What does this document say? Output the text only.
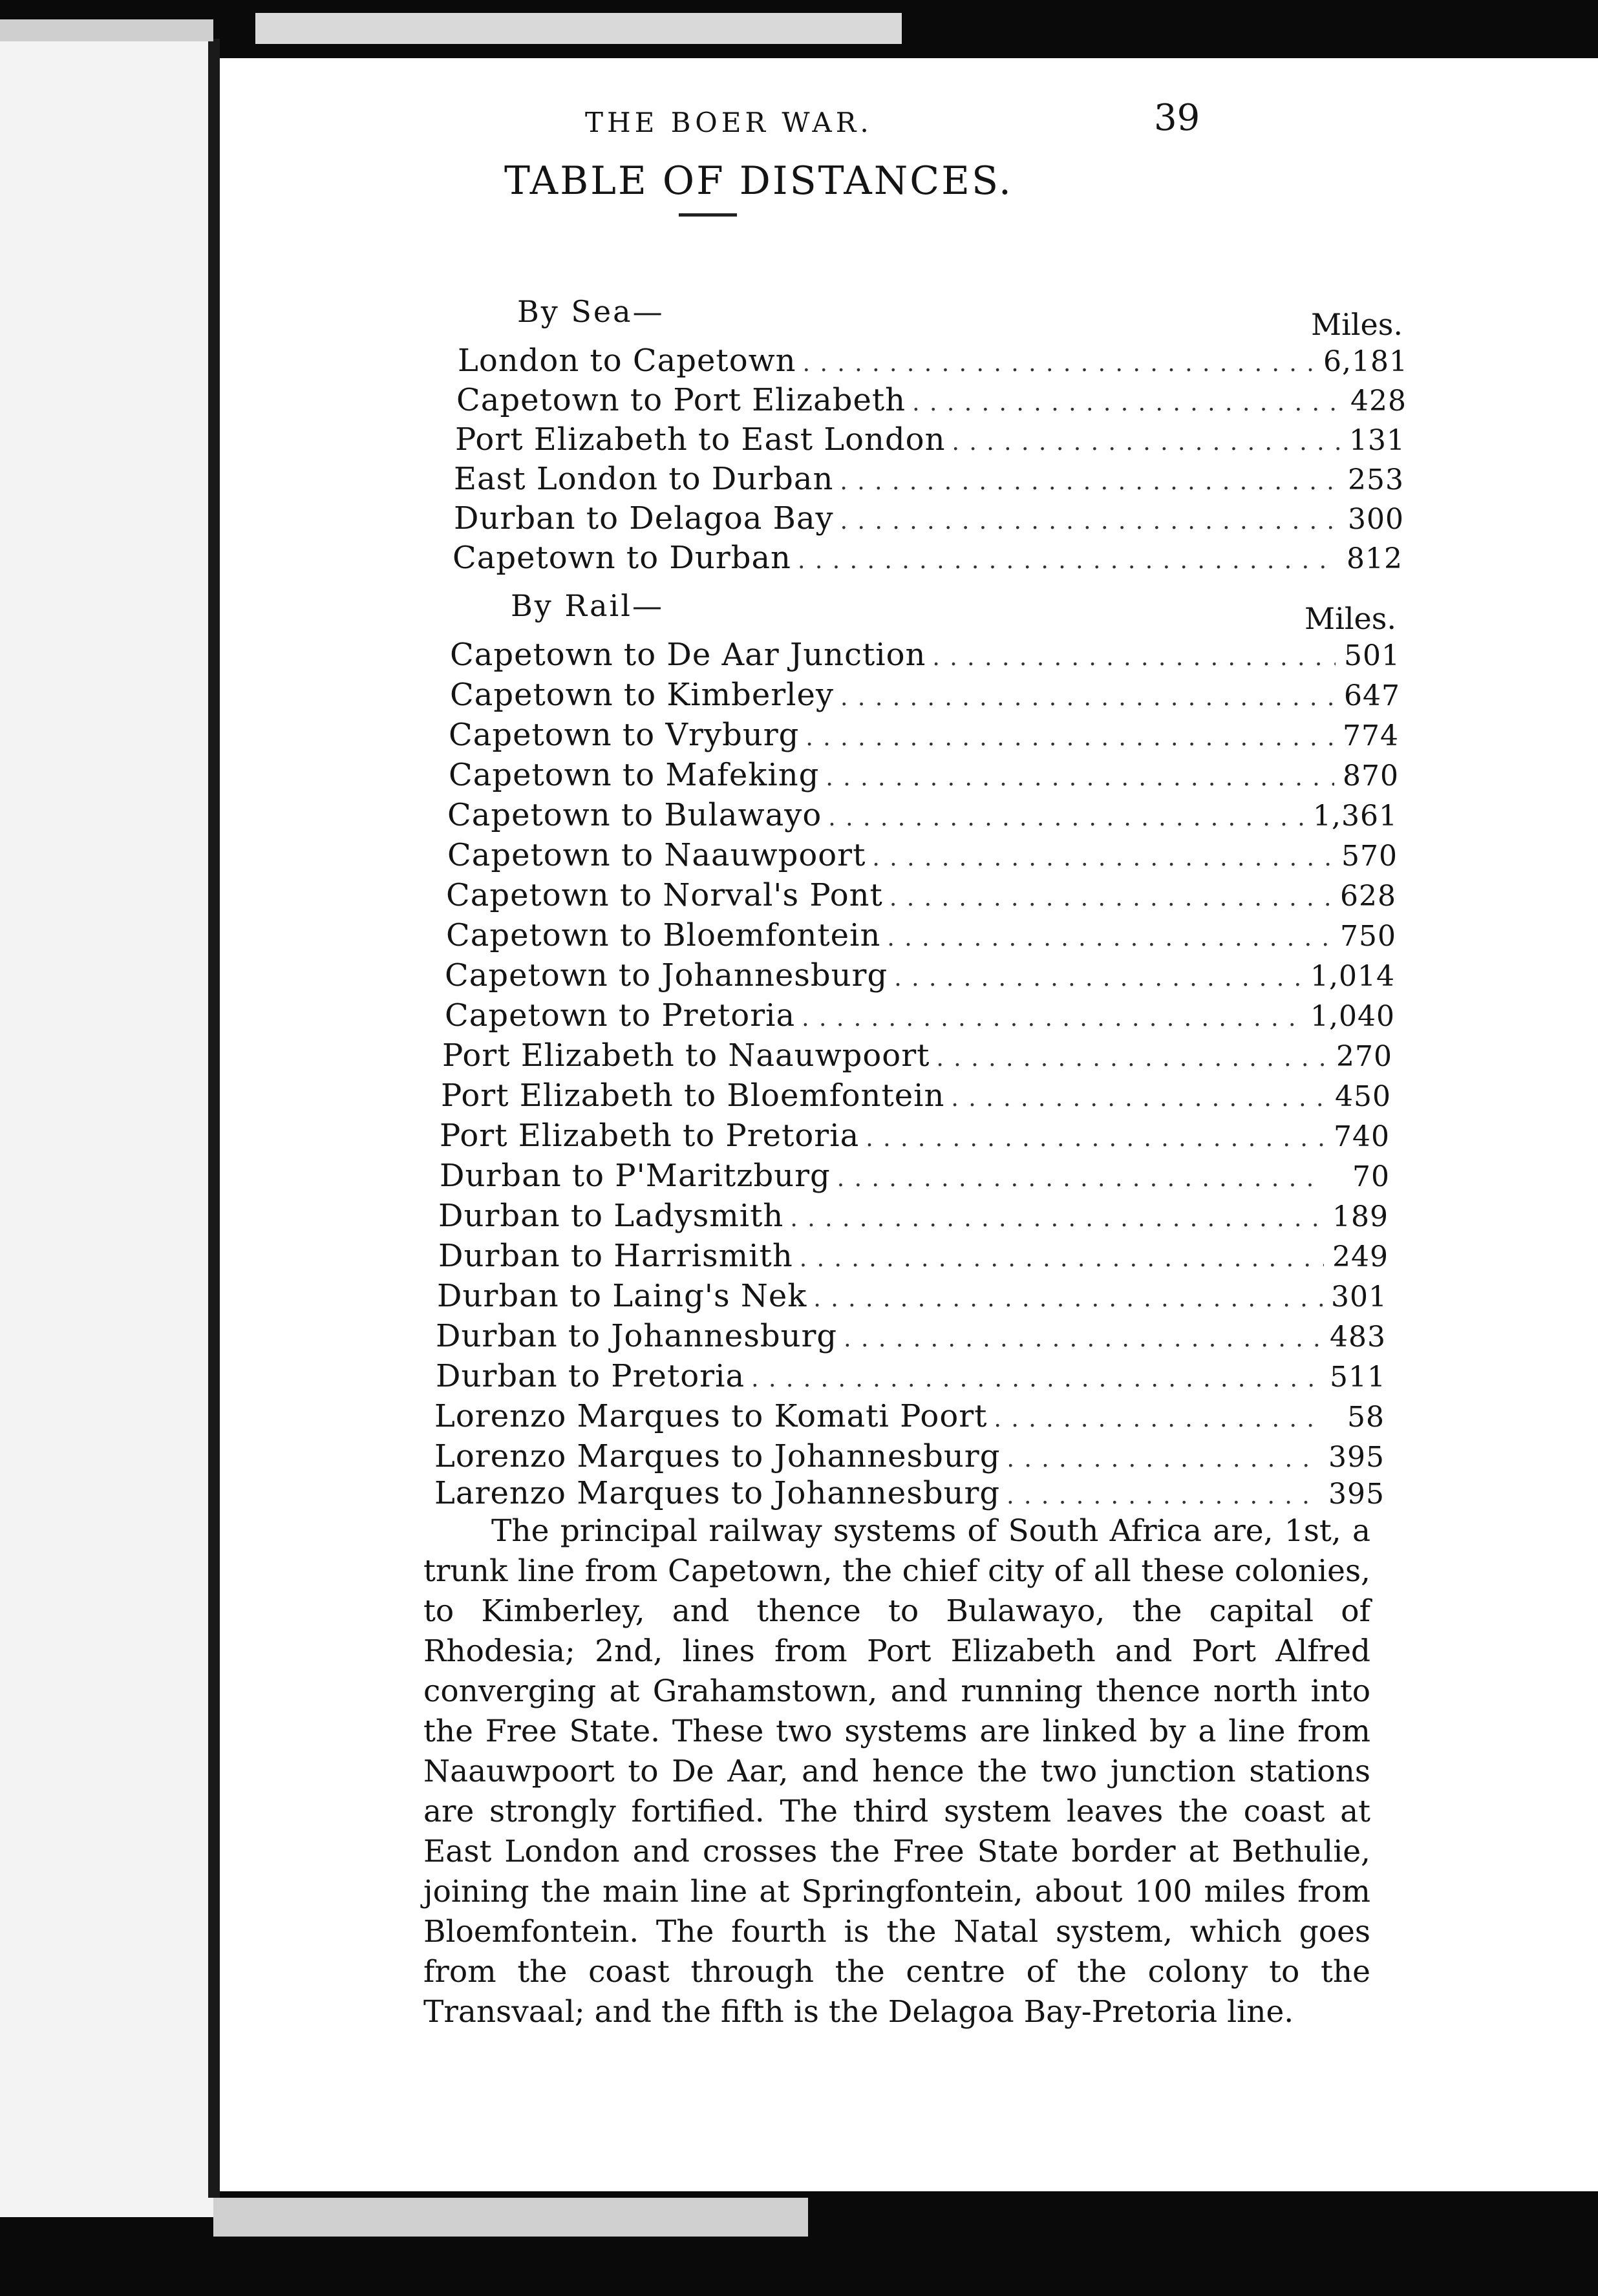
THE BOER WAR.	39
TABLE OF DISTANCES.
By Sea—	Miles.
London to Capetown . . .	6,181
Capetown to Port Elizabeth . . .	428
Port Elizabeth to East London . . .	131
East London to Durban . . .	253
Durban to Delagoa Bay . . .	300
Capetown to Durban . . .	812
By Rail—	Miles.
Capetown to De Aar Junction . . .	501
Capetown to Kimberley . . .	647
Capetown to Vryburg . . .	774
Capetown to Mafeking . . .	870
Capetown to Bulawayo . . .	1,361
Capetown to Naauwpoort . . .	570
Capetown to Norval's Pont . . .	628
Capetown to Bloemfontein . . .	750
Capetown to Johannesburg . . .	1,014
Capetown to Pretoria . . .	1,040
Port Elizabeth to Naauwpoort . . .	270
Port Elizabeth to Bloemfontein . . .	450
Port Elizabeth to Pretoria . . .	740
Durban to P'Maritzburg . . .	70
Durban to Ladysmith . . .	189
Durban to Harrismith . . .	249
Durban to Laing's Nek . . .	301
Durban to Johannesburg . . .	483
Durban to Pretoria . . .	511
Lorenzo Marques to Komati Poort . . .	58
Lorenzo Marques to Johannesburg . . .	395
Larenzo Marques to Johannesburg . . .	395

The principal railway systems of South Africa are, 1st, a trunk line from Capetown, the chief city of all these colonies, to Kimberley, and thence to Bulawayo, the capital of Rhodesia; 2nd, lines from Port Elizabeth and Port Alfred converging at Grahamstown, and running thence north into the Free State. These two systems are linked by a line from Naauwpoort to De Aar, and hence the two junction stations are strongly fortified. The third system leaves the coast at East London and crosses the Free State border at Bethulie, joining the main line at Springfontein, about 100 miles from Bloemfontein. The fourth is the Natal system, which goes from the coast through the centre of the colony to the Transvaal; and the fifth is the Delagoa Bay-Pretoria line.
